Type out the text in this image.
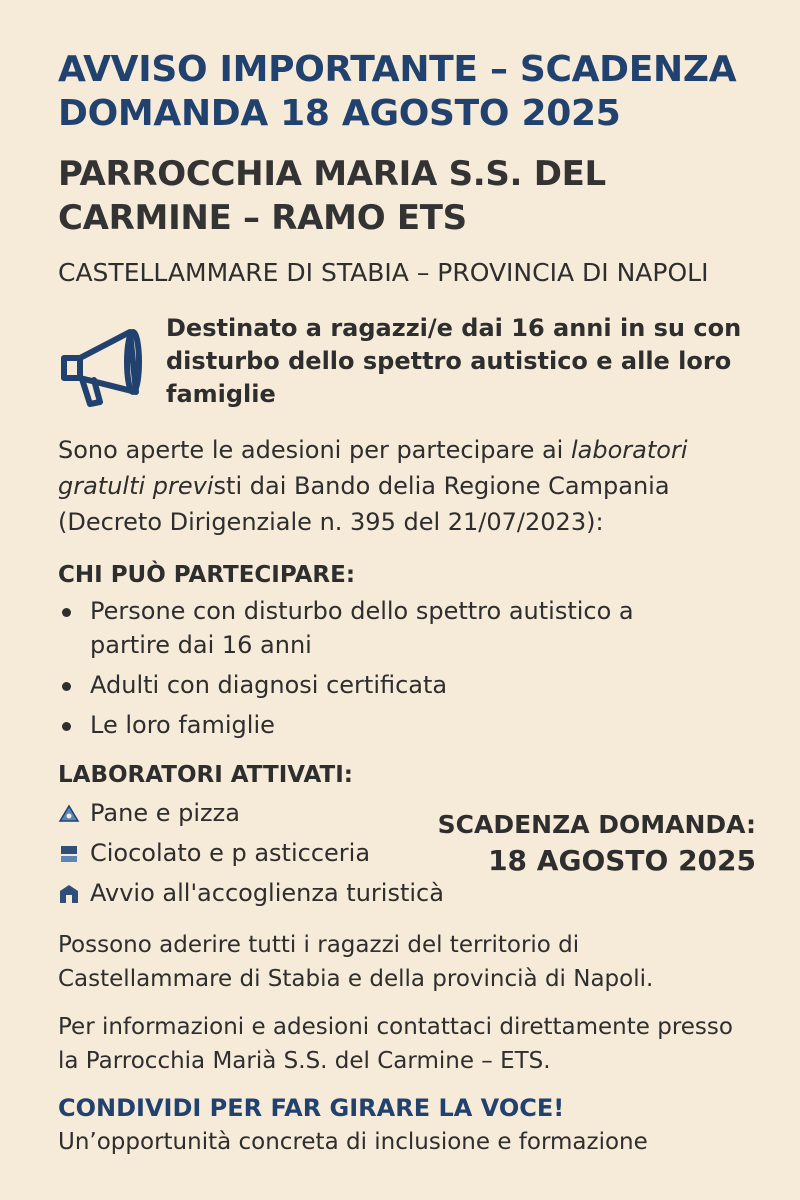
AVVISO IMPORTANTE – SCADENZA DOMANDA 18 AGOSTO 2025
PARROCCHIA MARIA S.S. DEL CARMINE – RAMO ETS

CASTELLAMMARE DI STABIA – PROVINCIA DI NAPOLI

Destinato a ragazzi/e dai 16 anni in su con disturbo dello spettro autistico e alle loro famiglie

Sono aperte le adesioni per partecipare ai laboratori gratulti previsti dai Bando delia Regione Campania (Decreto Dirigenziale n. 395 del 21/07/2023):

CHI PUÒ PARTECIPARE:
Persone con disturbo dello spettro autistico a partire dai 16 anni
Adulti con diagnosi certificata
Le loro famiglie
LABORATORI ATTIVATI:
Pane e pizza
Ciocolato e p asticceria
Avvio all'accoglienza turisticà
SCADENZA DOMANDA:
18 AGOSTO 2025

Possono aderire tutti i ragazzi del territorio di Castellammare di Stabia e della provincià di Napoli.

Per informazioni e adesioni contattaci direttamente presso la Parrocchia Marià S.S. del Carmine – ETS.

CONDIVIDI PER FAR GIRARE LA VOCE!

Un’opportunità concreta di inclusione e formazione
